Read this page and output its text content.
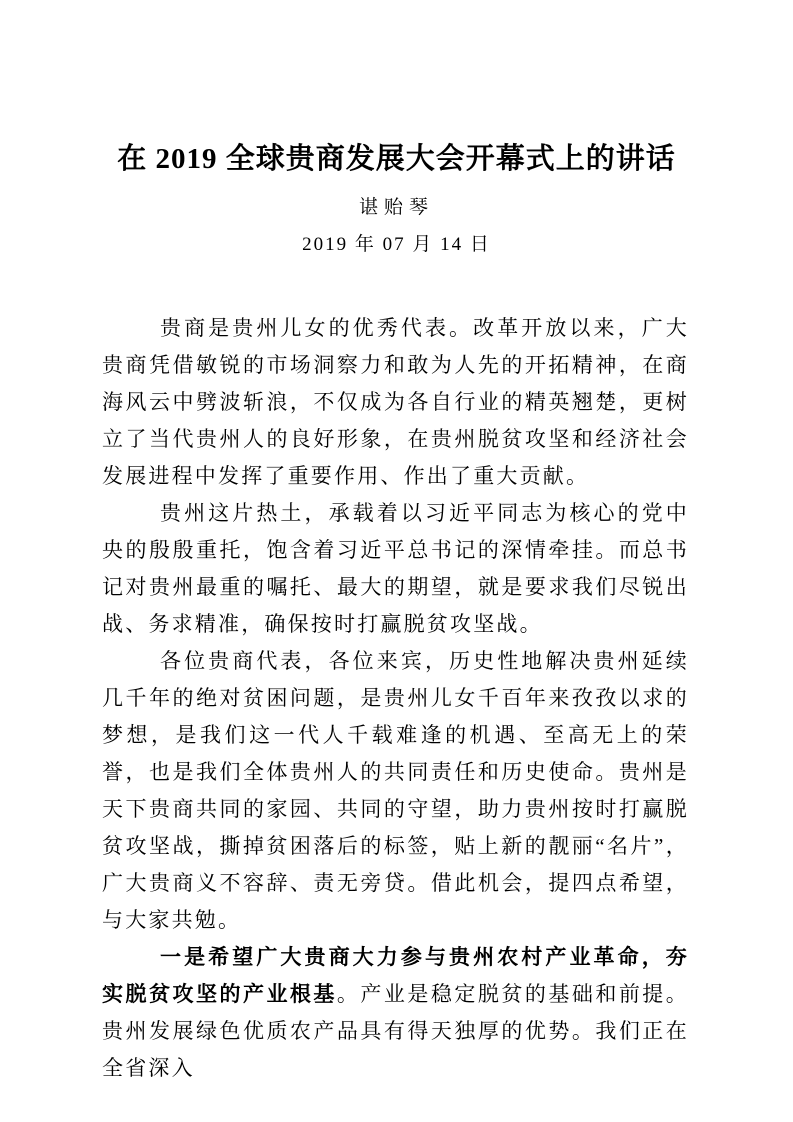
在 2019 全球贵商发展大会开幕式上的讲话
谌贻琴
2019 年 07 月 14 日

贵商是贵州儿女的优秀代表。改革开放以来，广大贵商凭借敏锐的市场洞察力和敢为人先的开拓精神，在商海风云中劈波斩浪，不仅成为各自行业的精英翘楚，更树立了当代贵州人的良好形象，在贵州脱贫攻坚和经济社会发展进程中发挥了重要作用、作出了重大贡献。

贵州这片热土，承载着以习近平同志为核心的党中央的殷殷重托，饱含着习近平总书记的深情牵挂。而总书记对贵州最重的嘱托、最大的期望，就是要求我们尽锐出战、务求精准，确保按时打赢脱贫攻坚战。

各位贵商代表，各位来宾，历史性地解决贵州延续几千年的绝对贫困问题，是贵州儿女千百年来孜孜以求的梦想，是我们这一代人千载难逢的机遇、至高无上的荣誉，也是我们全体贵州人的共同责任和历史使命。贵州是天下贵商共同的家园、共同的守望，助力贵州按时打赢脱贫攻坚战，撕掉贫困落后的标签，贴上新的靓丽“名片”，广大贵商义不容辞、责无旁贷。借此机会，提四点希望，与大家共勉。

一是希望广大贵商大力参与贵州农村产业革命，夯实脱贫攻坚的产业根基。产业是稳定脱贫的基础和前提。贵州发展绿色优质农产品具有得天独厚的优势。我们正在全省深入
